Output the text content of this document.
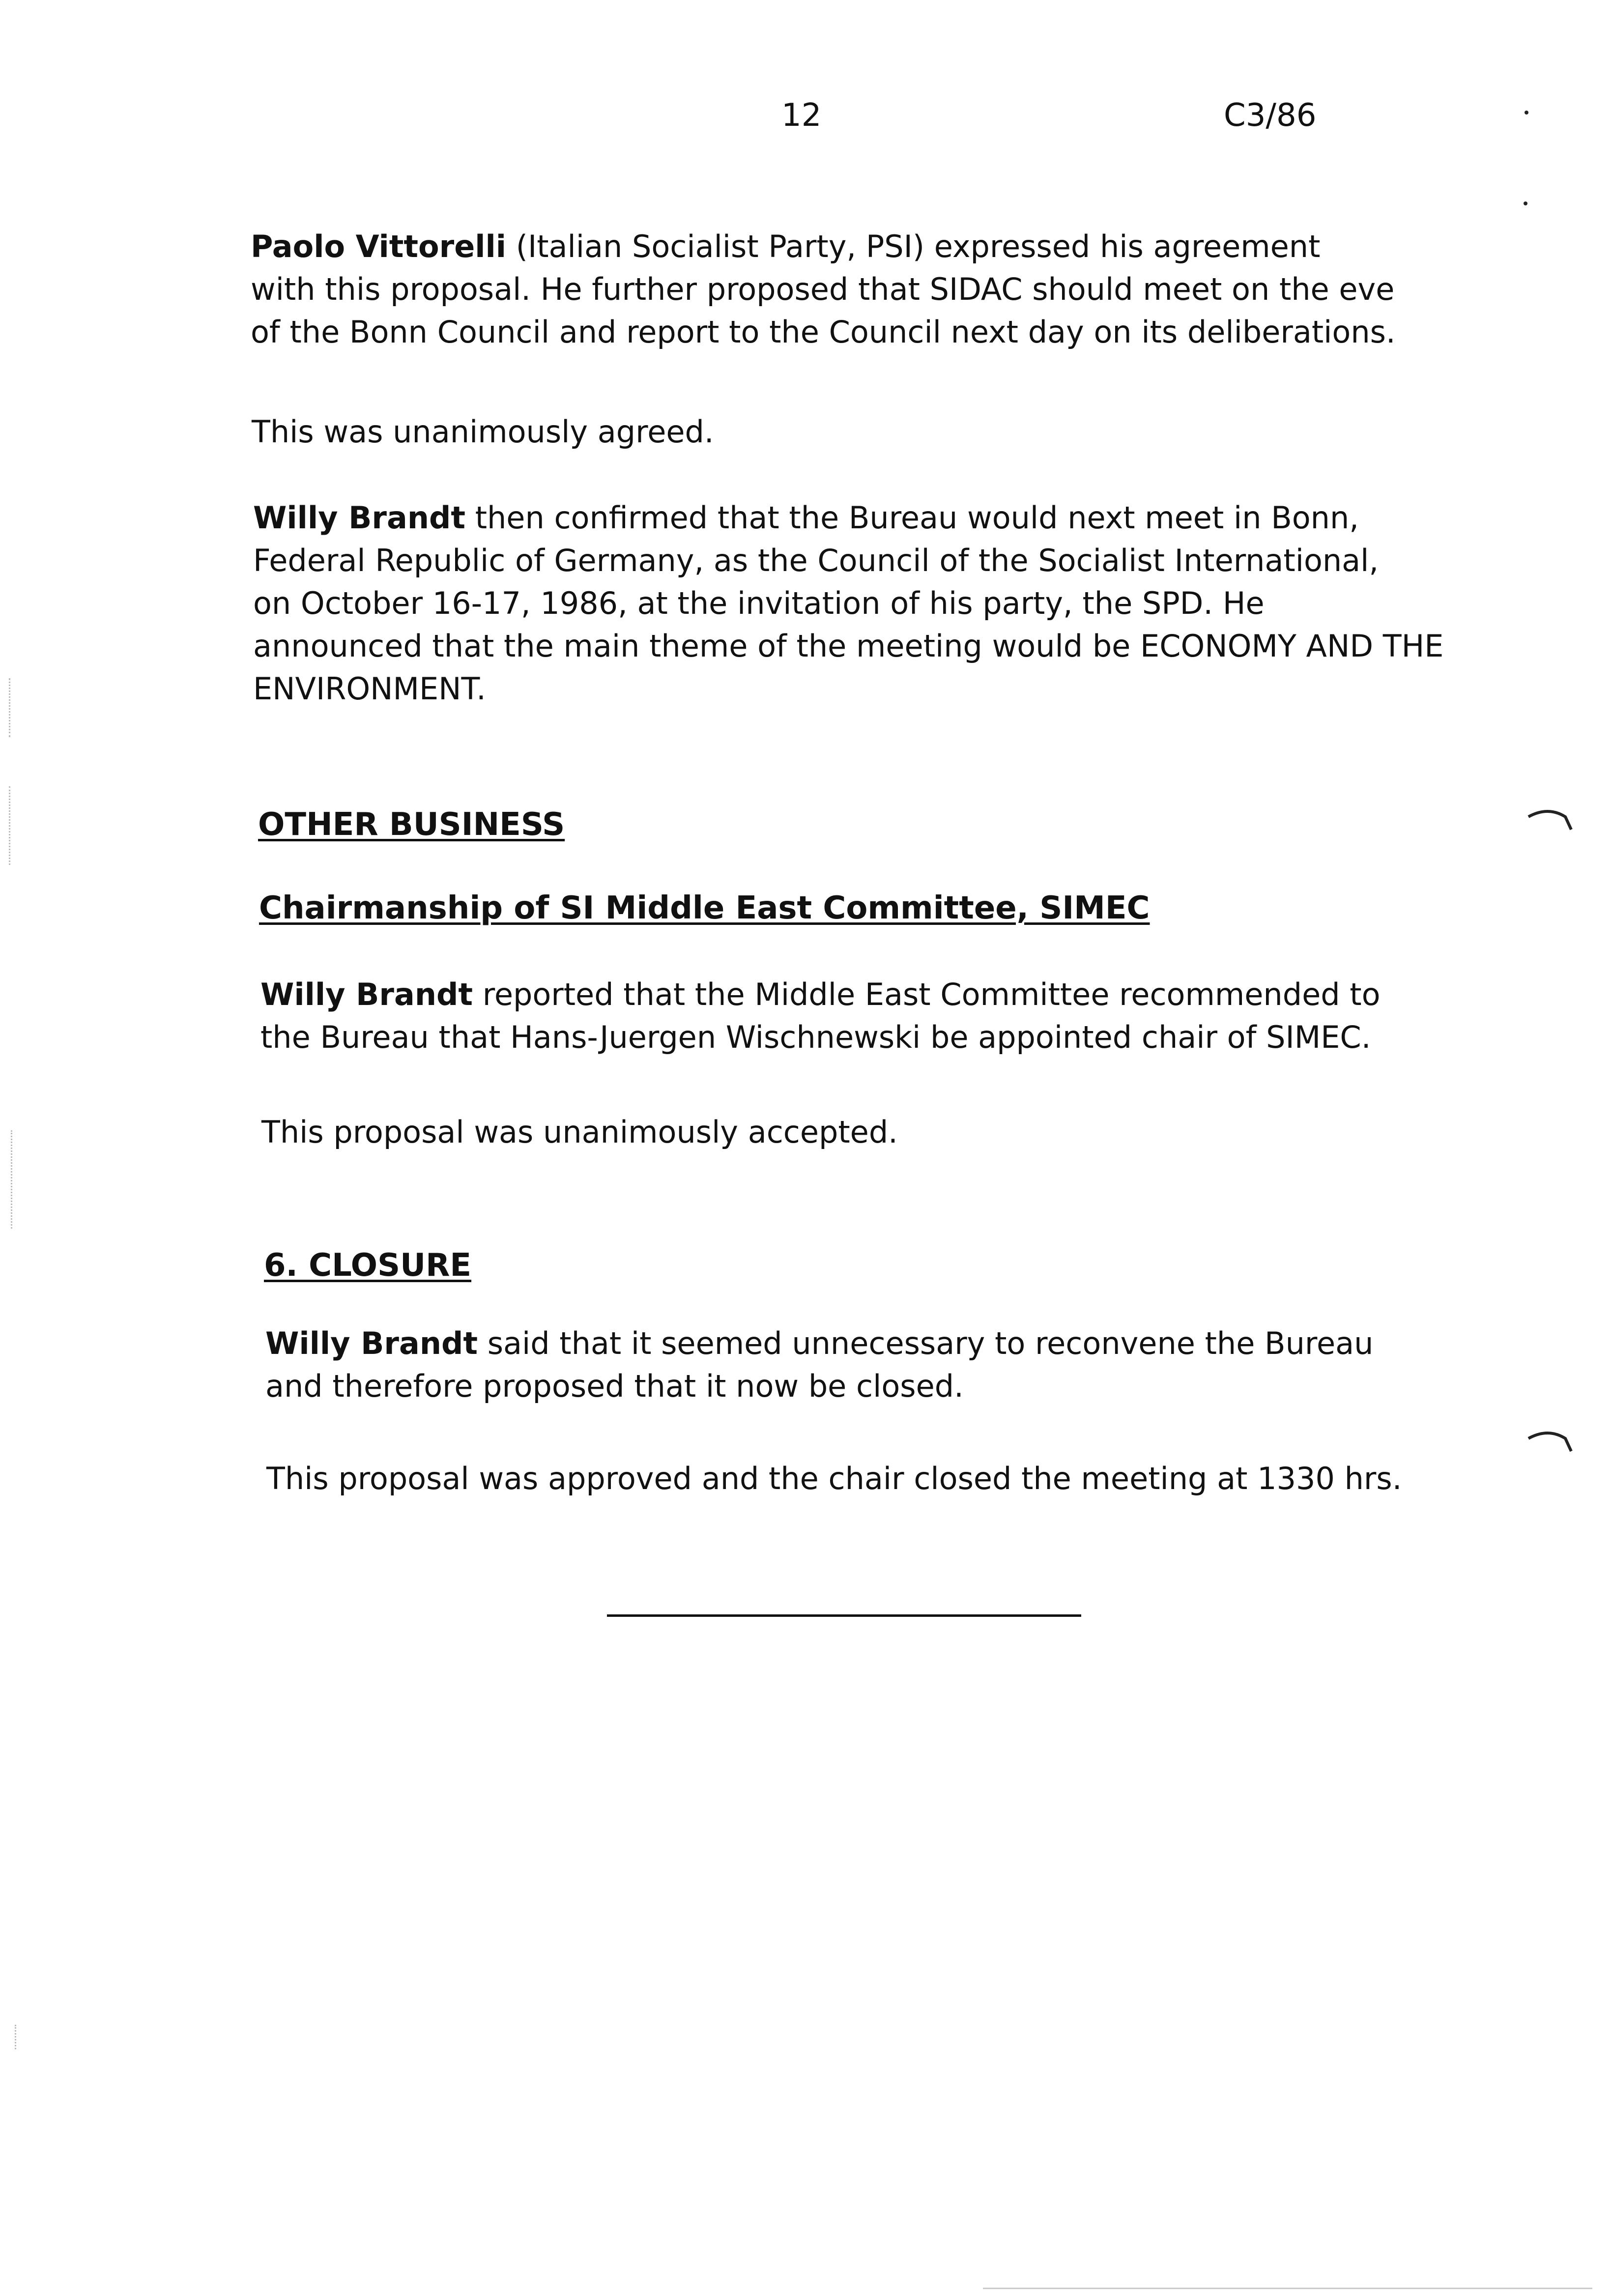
12	C3/86
Paolo Vittorelli (Italian Socialist Party, PSI) expressed his agreement
with this proposal. He further proposed that SIDAC should meet on the eve
of the Bonn Council and report to the Council next day on its deliberations.
This was unanimously agreed.
Willy Brandt then confirmed that the Bureau would next meet in Bonn,
Federal Republic of Germany, as the Council of the Socialist International,
on October 16-17, 1986, at the invitation of his party, the SPD. He
announced that the main theme of the meeting would be ECONOMY AND THE
ENVIRONMENT.
OTHER BUSINESS
Chairmanship of SI Middle East Committee, SIMEC
Willy Brandt reported that the Middle East Committee recommended to
the Bureau that Hans-Juergen Wischnewski be appointed chair of SIMEC.
This proposal was unanimously accepted.
6. CLOSURE
Willy Brandt said that it seemed unnecessary to reconvene the Bureau
and therefore proposed that it now be closed.
This proposal was approved and the chair closed the meeting at 1330 hrs.
